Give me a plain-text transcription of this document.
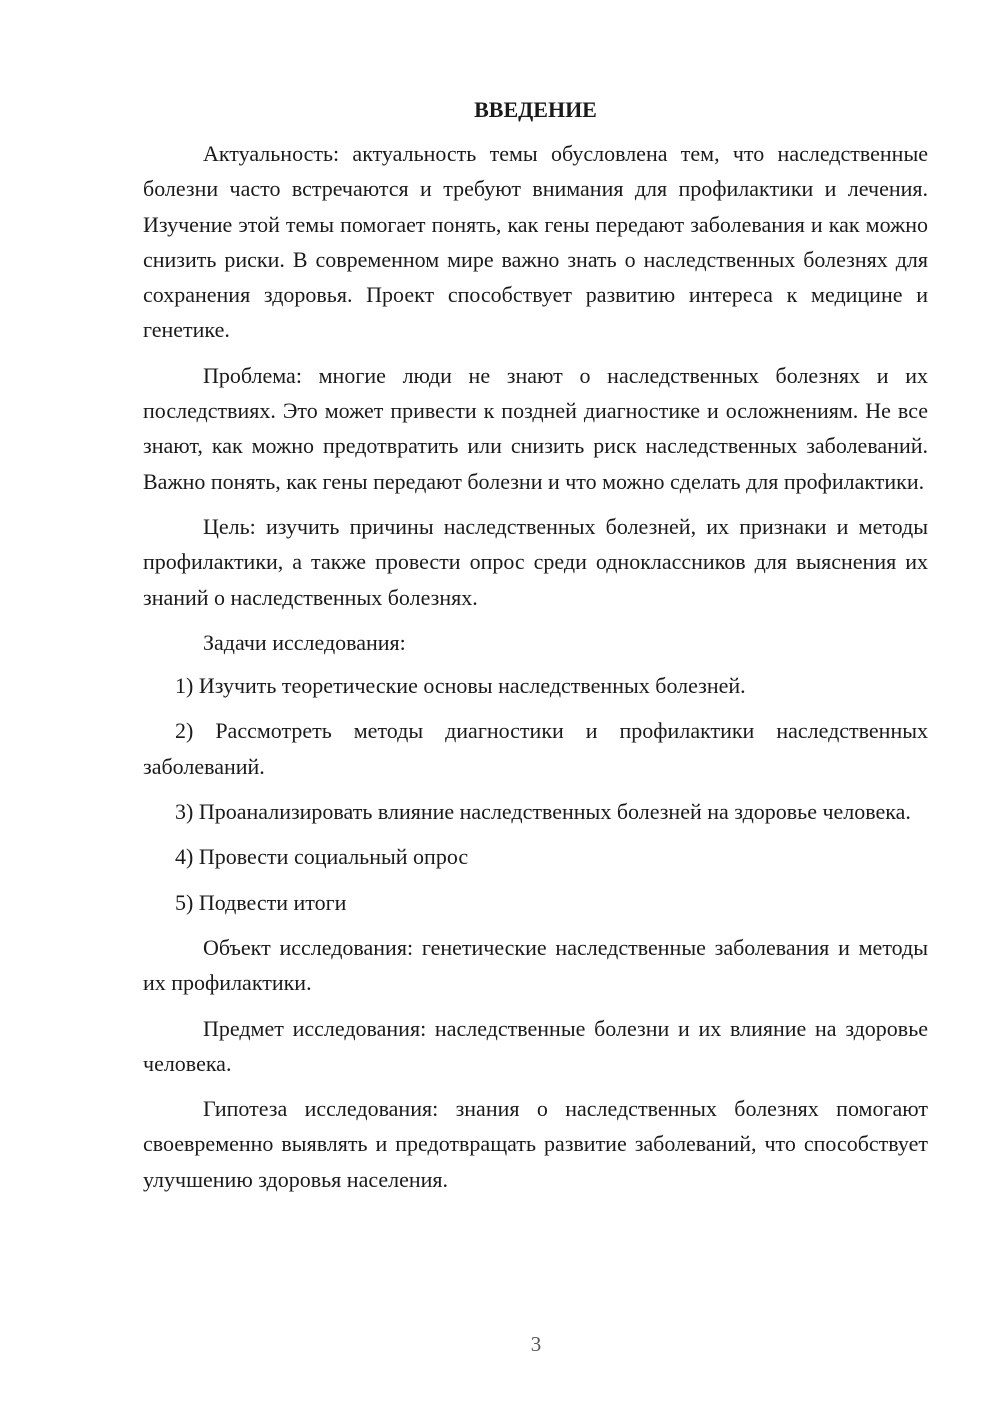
ВВЕДЕНИЕ

Актуальность: актуальность темы обусловлена тем, что наследственные болезни часто встречаются и требуют внимания для профилактики и лечения. Изучение этой темы помогает понять, как гены передают заболевания и как можно снизить риски. В современном мире важно знать о наследственных болезнях для сохранения здоровья. Проект способствует развитию интереса к медицине и генетике.

Проблема: многие люди не знают о наследственных болезнях и их последствиях. Это может привести к поздней диагностике и осложнениям. Не все знают, как можно предотвратить или снизить риск наследственных заболеваний. Важно понять, как гены передают болезни и что можно сделать для профилактики.

Цель: изучить причины наследственных болезней, их признаки и методы профилактики, а также провести опрос среди одноклассников для выяснения их знаний о наследственных болезнях.

Задачи исследования:

1) Изучить теоретические основы наследственных болезней.

2) Рассмотреть методы диагностики и профилактики наследственных заболеваний.

3) Проанализировать влияние наследственных болезней на здоровье человека.

4) Провести социальный опрос

5) Подвести итоги

Объект исследования: генетические наследственные заболевания и методы их профилактики.

Предмет исследования: наследственные болезни и их влияние на здоровье человека.

Гипотеза исследования: знания о наследственных болезнях помогают своевременно выявлять и предотвращать развитие заболеваний, что способствует улучшению здоровья населения.

3
